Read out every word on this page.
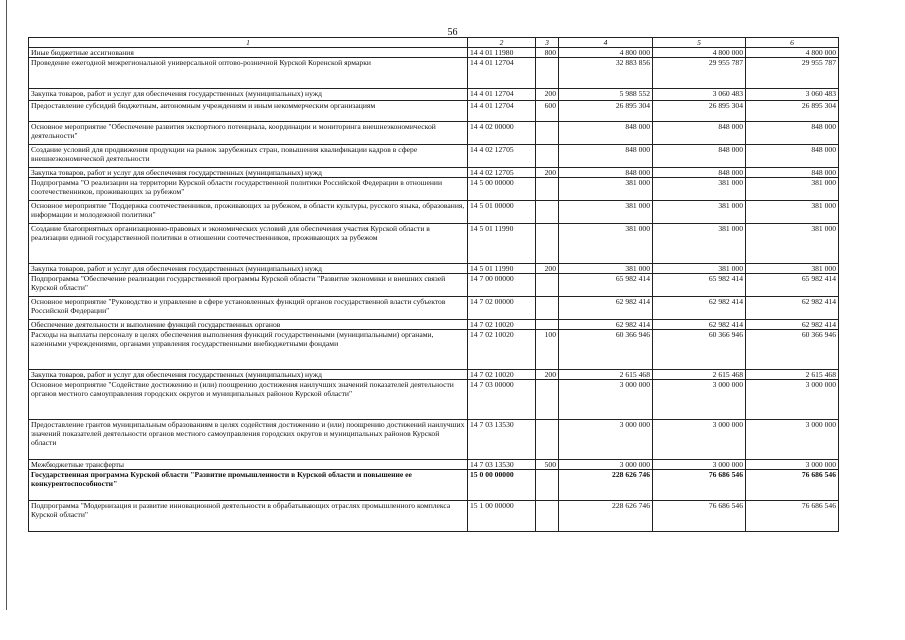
56
1	2	3	4	5	6
Иные бюджетные ассигнования	14 4 01 11980	800	4 800 000	4 800 000	4 800 000
Проведение ежегодной межрегиональной универсальной оптово-розничной Курской Коренской ярмарки	14 4 01 12704		32 883 856	29 955 787	29 955 787
Закупка товаров, работ и услуг для обеспечения государственных (муниципальных) нужд	14 4 01 12704	200	5 988 552	3 060 483	3 060 483
Предоставление субсидий бюджетным, автономным учреждениям и иным некоммерческим организациям	14 4 01 12704	600	26 895 304	26 895 304	26 895 304
Основное мероприятие "Обеспечение развития экспортного потенциала, координации и мониторинга внешнеэкономической деятельности"	14 4 02 00000		848 000	848 000	848 000
Создание условий для продвижения продукции на рынок зарубежных стран, повышения квалификации кадров в сфере внешнеэкономической деятельности	14 4 02 12705		848 000	848 000	848 000
Закупка товаров, работ и услуг для обеспечения государственных (муниципальных) нужд	14 4 02 12705	200	848 000	848 000	848 000
Подпрограмма "О реализации на территории Курской области государственной политики Российской Федерации в отношении соотечественников, проживающих за рубежом"	14 5 00 00000		381 000	381 000	381 000
Основное мероприятие "Поддержка соотечественников, проживающих за рубежом, в области культуры, русского языка, образования, информации и молодежной политики"	14 5 01 00000		381 000	381 000	381 000
Создание благоприятных организационно-правовых и экономических условий для обеспечения участия Курской области в реализации единой государственной политики в отношении соотечественников, проживающих за рубежом	14 5 01 11990		381 000	381 000	381 000
Закупка товаров, работ и услуг для обеспечения государственных (муниципальных) нужд	14 5 01 11990	200	381 000	381 000	381 000
Подпрограмма "Обеспечение реализации государственной программы Курской области "Развитие экономики и внешних связей Курской области"	14 7 00 00000		65 982 414	65 982 414	65 982 414
Основное мероприятие "Руководство и управление в сфере установленных функций органов государственной власти субъектов Российской Федерации"	14 7 02 00000		62 982 414	62 982 414	62 982 414
Обеспечение деятельности и выполнение функций государственных органов	14 7 02 10020		62 982 414	62 982 414	62 982 414
Расходы на выплаты персоналу в целях обеспечения выполнения функций государственными (муниципальными) органами, казенными учреждениями, органами управления государственными внебюджетными фондами	14 7 02 10020	100	60 366 946	60 366 946	60 366 946
Закупка товаров, работ и услуг для обеспечения государственных (муниципальных) нужд	14 7 02 10020	200	2 615 468	2 615 468	2 615 468
Основное мероприятие "Содействие достижению и (или) поощрению достижения наилучших значений показателей деятельности органов местного самоуправления городских округов и муниципальных районов Курской области"	14 7 03 00000		3 000 000	3 000 000	3 000 000
Предоставление грантов муниципальным образованиям в целях содействия достижению и (или) поощрению достижений наилучших значений показателей деятельности органов местного самоуправления городских округов и муниципальных районов Курской области	14 7 03 13530		3 000 000	3 000 000	3 000 000
Межбюджетные трансферты	14 7 03 13530	500	3 000 000	3 000 000	3 000 000
Государственная программа Курской области "Развитие промышленности в Курской области и повышение ее конкурентоспособности"	15 0 00 00000		228 626 746	76 686 546	76 686 546
Подпрограмма "Модернизация и развитие инновационной деятельности в обрабатывающих отраслях промышленного комплекса Курской области"	15 1 00 00000		228 626 746	76 686 546	76 686 546
